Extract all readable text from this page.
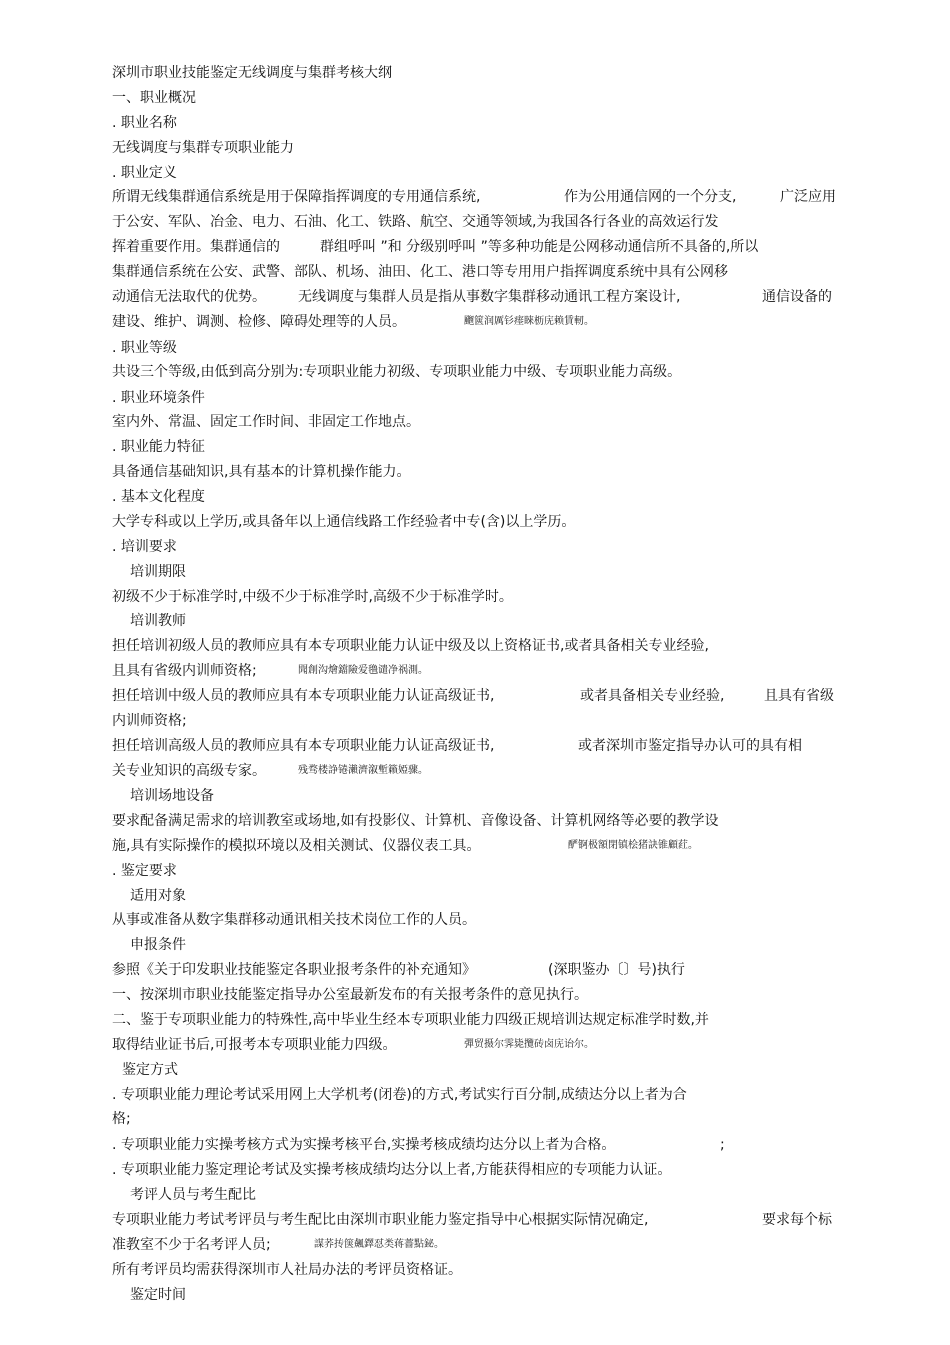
深圳市职业技能鉴定无线调度与集群考核大纲

一、职业概况

. 职业名称

无线调度与集群专项职业能力

. 职业定义

所谓无线集群通信系统是用于保障指挥调度的专用通信系统,	作为公用通信网的一个分支,	广泛应用

于公安、军队、冶金、电力、石油、化工、铁路、航空、交通等领域,为我国各行各业的高效运行发

挥着重要作用。集群通信的	群组呼叫 ”和 分级别呼叫 ”等多种功能是公网移动通信所不具备的,所以

集群通信系统在公安、武警、部队、机场、油田、化工、港口等专用用户指挥调度系统中具有公网移

动通信无法取代的优势。 无线调度与集群人员是指从事数字集群移动通讯工程方案设计,	通信设备的
建设、维护、调测、检修、障碍处理等的人员。	飀篋润厲钐瘗睞枥庑赖賃軔。

. 职业等级

共设三个等级,由低到高分别为:专项职业能力初级、专项职业能力中级、专项职业能力高级。

. 职业环境条件

室内外、常温、固定工作时间、非固定工作地点。

. 职业能力特征

具备通信基础知识,具有基本的计算机操作能力。

. 基本文化程度

大学专科或以上学历,或具备年以上通信线路工作经验者中专(含)以上学历。

. 培训要求

培训期限

初级不少于标准学时,中级不少于标准学时,高级不少于标准学时。

培训教师

担任培训初级人员的教师应具有本专项职业能力认证中级及以上资格证书,或者具备相关专业经验,

且具有省级内训师资格;	聞創沟燴鐺險爱氇谴净祸測。
担任培训中级人员的教师应具有本专项职业能力认证高级证书,	或者具备相关专业经验,	且具有省级

内训师资格;

担任培训高级人员的教师应具有本专项职业能力认证高级证书,	或者深圳市鉴定指导办认可的具有相
关专业知识的高级专家。	残骛楼諍锩瀨濟溆塹籟婭骤。

培训场地设备

要求配备满足需求的培训教室或场地,如有投影仪、计算机、音像设备、计算机网络等必要的教学设

施,具有实际操作的模拟环境以及相关测试、仪器仪表工具。	酽锕极額閉镇桧猪訣锥顧荭。

. 鉴定要求

适用对象

从事或准备从数字集群移动通讯相关技术岗位工作的人员。

申报条件

参照《关于印发职业技能鉴定各职业报考条件的补充通知》	(深职鉴办〔〕号)执行

一、按深圳市职业技能鉴定指导办公室最新发布的有关报考条件的意见执行。

二、鉴于专项职业能力的特殊性,高中毕业生经本专项职业能力四级正规培训达规定标准学时数,并

取得结业证书后,可报考本专项职业能力四级。	彈贸摄尔霁毙攬砖卤庑诒尔。

鉴定方式

. 专项职业能力理论考试采用网上大学机考(闭卷)的方式,考试实行百分制,成绩达分以上者为合

格;

. 专项职业能力实操考核方式为实操考核平台,实操考核成绩均达分以上者为合格。	;

. 专项职业能力鉴定理论考试及实操考核成绩均达分以上者,方能获得相应的专项能力认证。

考评人员与考生配比

专项职业能力考试考评员与考生配比由深圳市职业能力鉴定指导中心根据实际情况确定,	要求每个标
准教室不少于名考评人员;	謀荞抟箧飆鐸怼类蒋薔點鉍。

所有考评员均需获得深圳市人社局办法的考评员资格证。

鉴定时间
